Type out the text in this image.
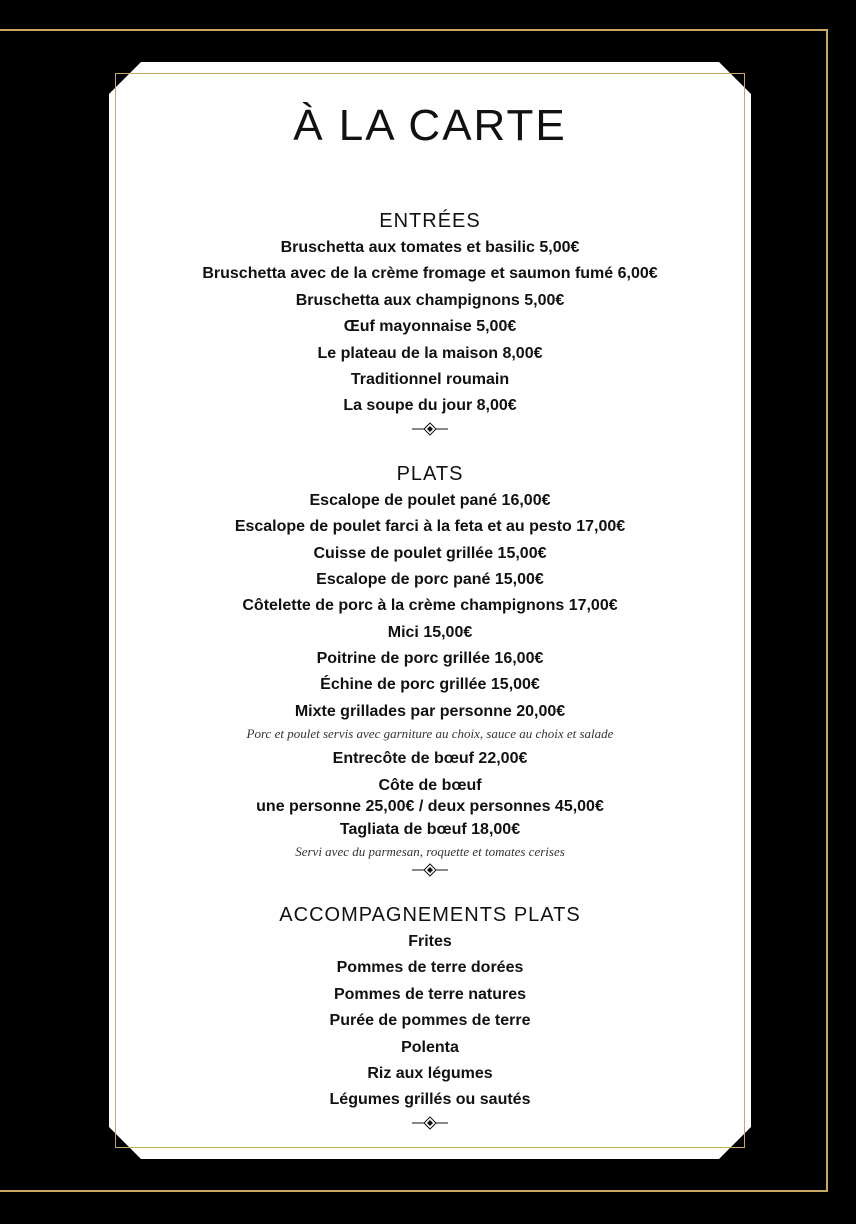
À LA CARTE
ENTRÉES
Bruschetta aux tomates et basilic 5,00€
Bruschetta avec de la crème fromage et saumon fumé 6,00€
Bruschetta aux champignons 5,00€
Œuf mayonnaise 5,00€
Le plateau de la maison 8,00€
Traditionnel roumain
La soupe du jour 8,00€
PLATS
Escalope de poulet pané 16,00€
Escalope de poulet farci à la feta et au pesto 17,00€
Cuisse de poulet grillée 15,00€
Escalope de porc pané 15,00€
Côtelette de porc à la crème champignons 17,00€
Mici 15,00€
Poitrine de porc grillée 16,00€
Échine de porc grillée 15,00€
Mixte grillades par personne 20,00€
Porc et poulet servis avec garniture au choix, sauce au choix et salade
Entrecôte de bœuf 22,00€
Côte de bœuf
une personne 25,00€ / deux personnes 45,00€
Tagliata de bœuf 18,00€
Servi avec du parmesan, roquette et tomates cerises
ACCOMPAGNEMENTS PLATS
Frites
Pommes de terre dorées
Pommes de terre natures
Purée de pommes de terre
Polenta
Riz aux légumes
Légumes grillés ou sautés
